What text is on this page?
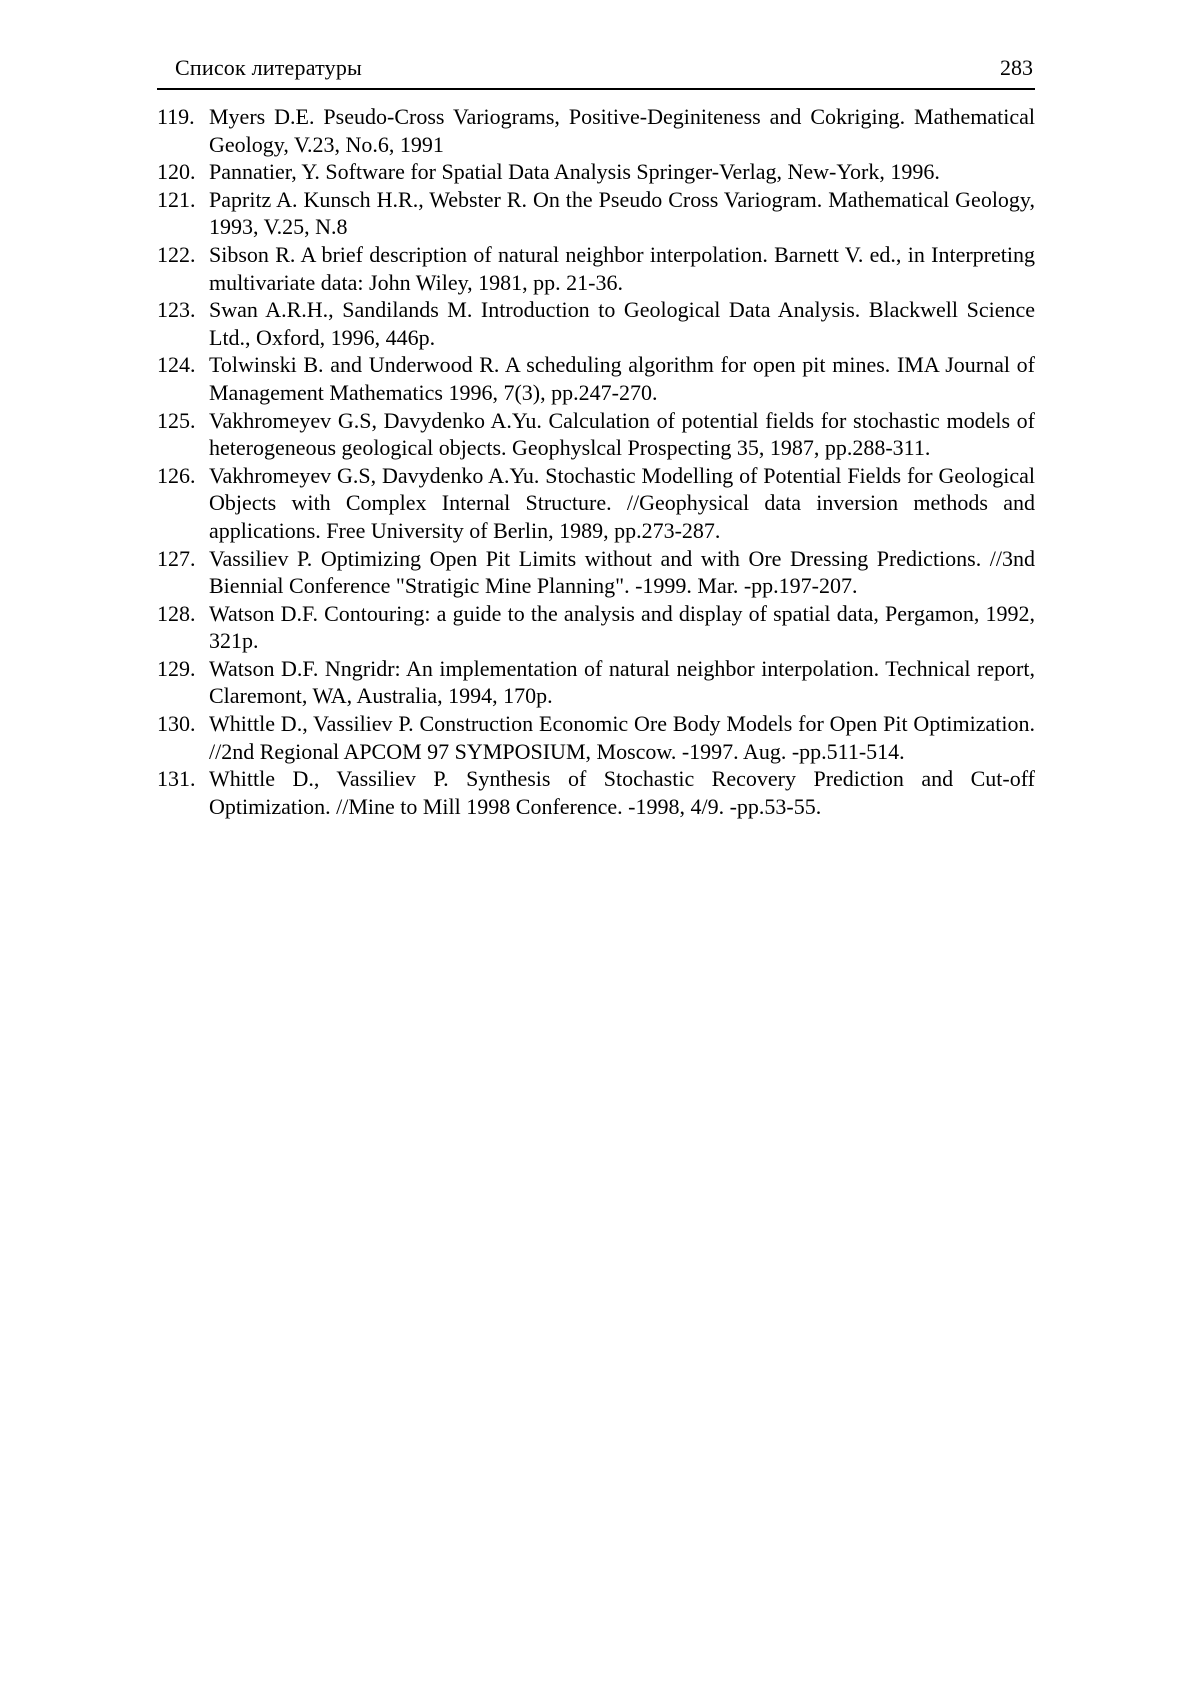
Список литературы	283
119. Myers D.E. Pseudo-Cross Variograms, Positive-Deginiteness and Cokriging. Mathematical Geology, V.23, No.6, 1991
120. Pannatier, Y. Software for Spatial Data Analysis Springer-Verlag, New-York, 1996.
121. Papritz A. Kunsch H.R., Webster R. On the Pseudo Cross Variogram. Mathematical Geology, 1993, V.25, N.8
122. Sibson R. A brief description of natural neighbor interpolation. Barnett V. ed., in Interpreting multivariate data: John Wiley, 1981, pp. 21-36.
123. Swan A.R.H., Sandilands M. Introduction to Geological Data Analysis. Blackwell Science Ltd., Oxford, 1996, 446p.
124. Tolwinski B. and Underwood R. A scheduling algorithm for open pit mines. IMA Journal of Management Mathematics 1996, 7(3), pp.247-270.
125. Vakhromeyev G.S, Davydenko A.Yu. Calculation of potential fields for stochastic models of heterogeneous geological objects. Geophyslcal Prospecting 35, 1987, pp.288-311.
126. Vakhromeyev G.S, Davydenko A.Yu. Stochastic Modelling of Potential Fields for Geological Objects with Complex Internal Structure. //Geophysical data inversion methods and applications. Free University of Berlin, 1989, pp.273-287.
127. Vassiliev P. Optimizing Open Pit Limits without and with Ore Dressing Predictions. //3nd Biennial Conference "Stratigic Mine Planning". -1999. Mar. -pp.197-207.
128. Watson D.F. Contouring: a guide to the analysis and display of spatial data, Pergamon, 1992, 321p.
129. Watson D.F. Nngridr: An implementation of natural neighbor interpolation. Technical report, Claremont, WA, Australia, 1994, 170p.
130. Whittle D., Vassiliev P. Construction Economic Ore Body Models for Open Pit Optimization. //2nd Regional APCOM 97 SYMPOSIUM, Moscow. -1997. Aug. -pp.511-514.
131. Whittle D., Vassiliev P. Synthesis of Stochastic Recovery Prediction and Cut-off Optimization. //Mine to Mill 1998 Conference. -1998, 4/9. -pp.53-55.
